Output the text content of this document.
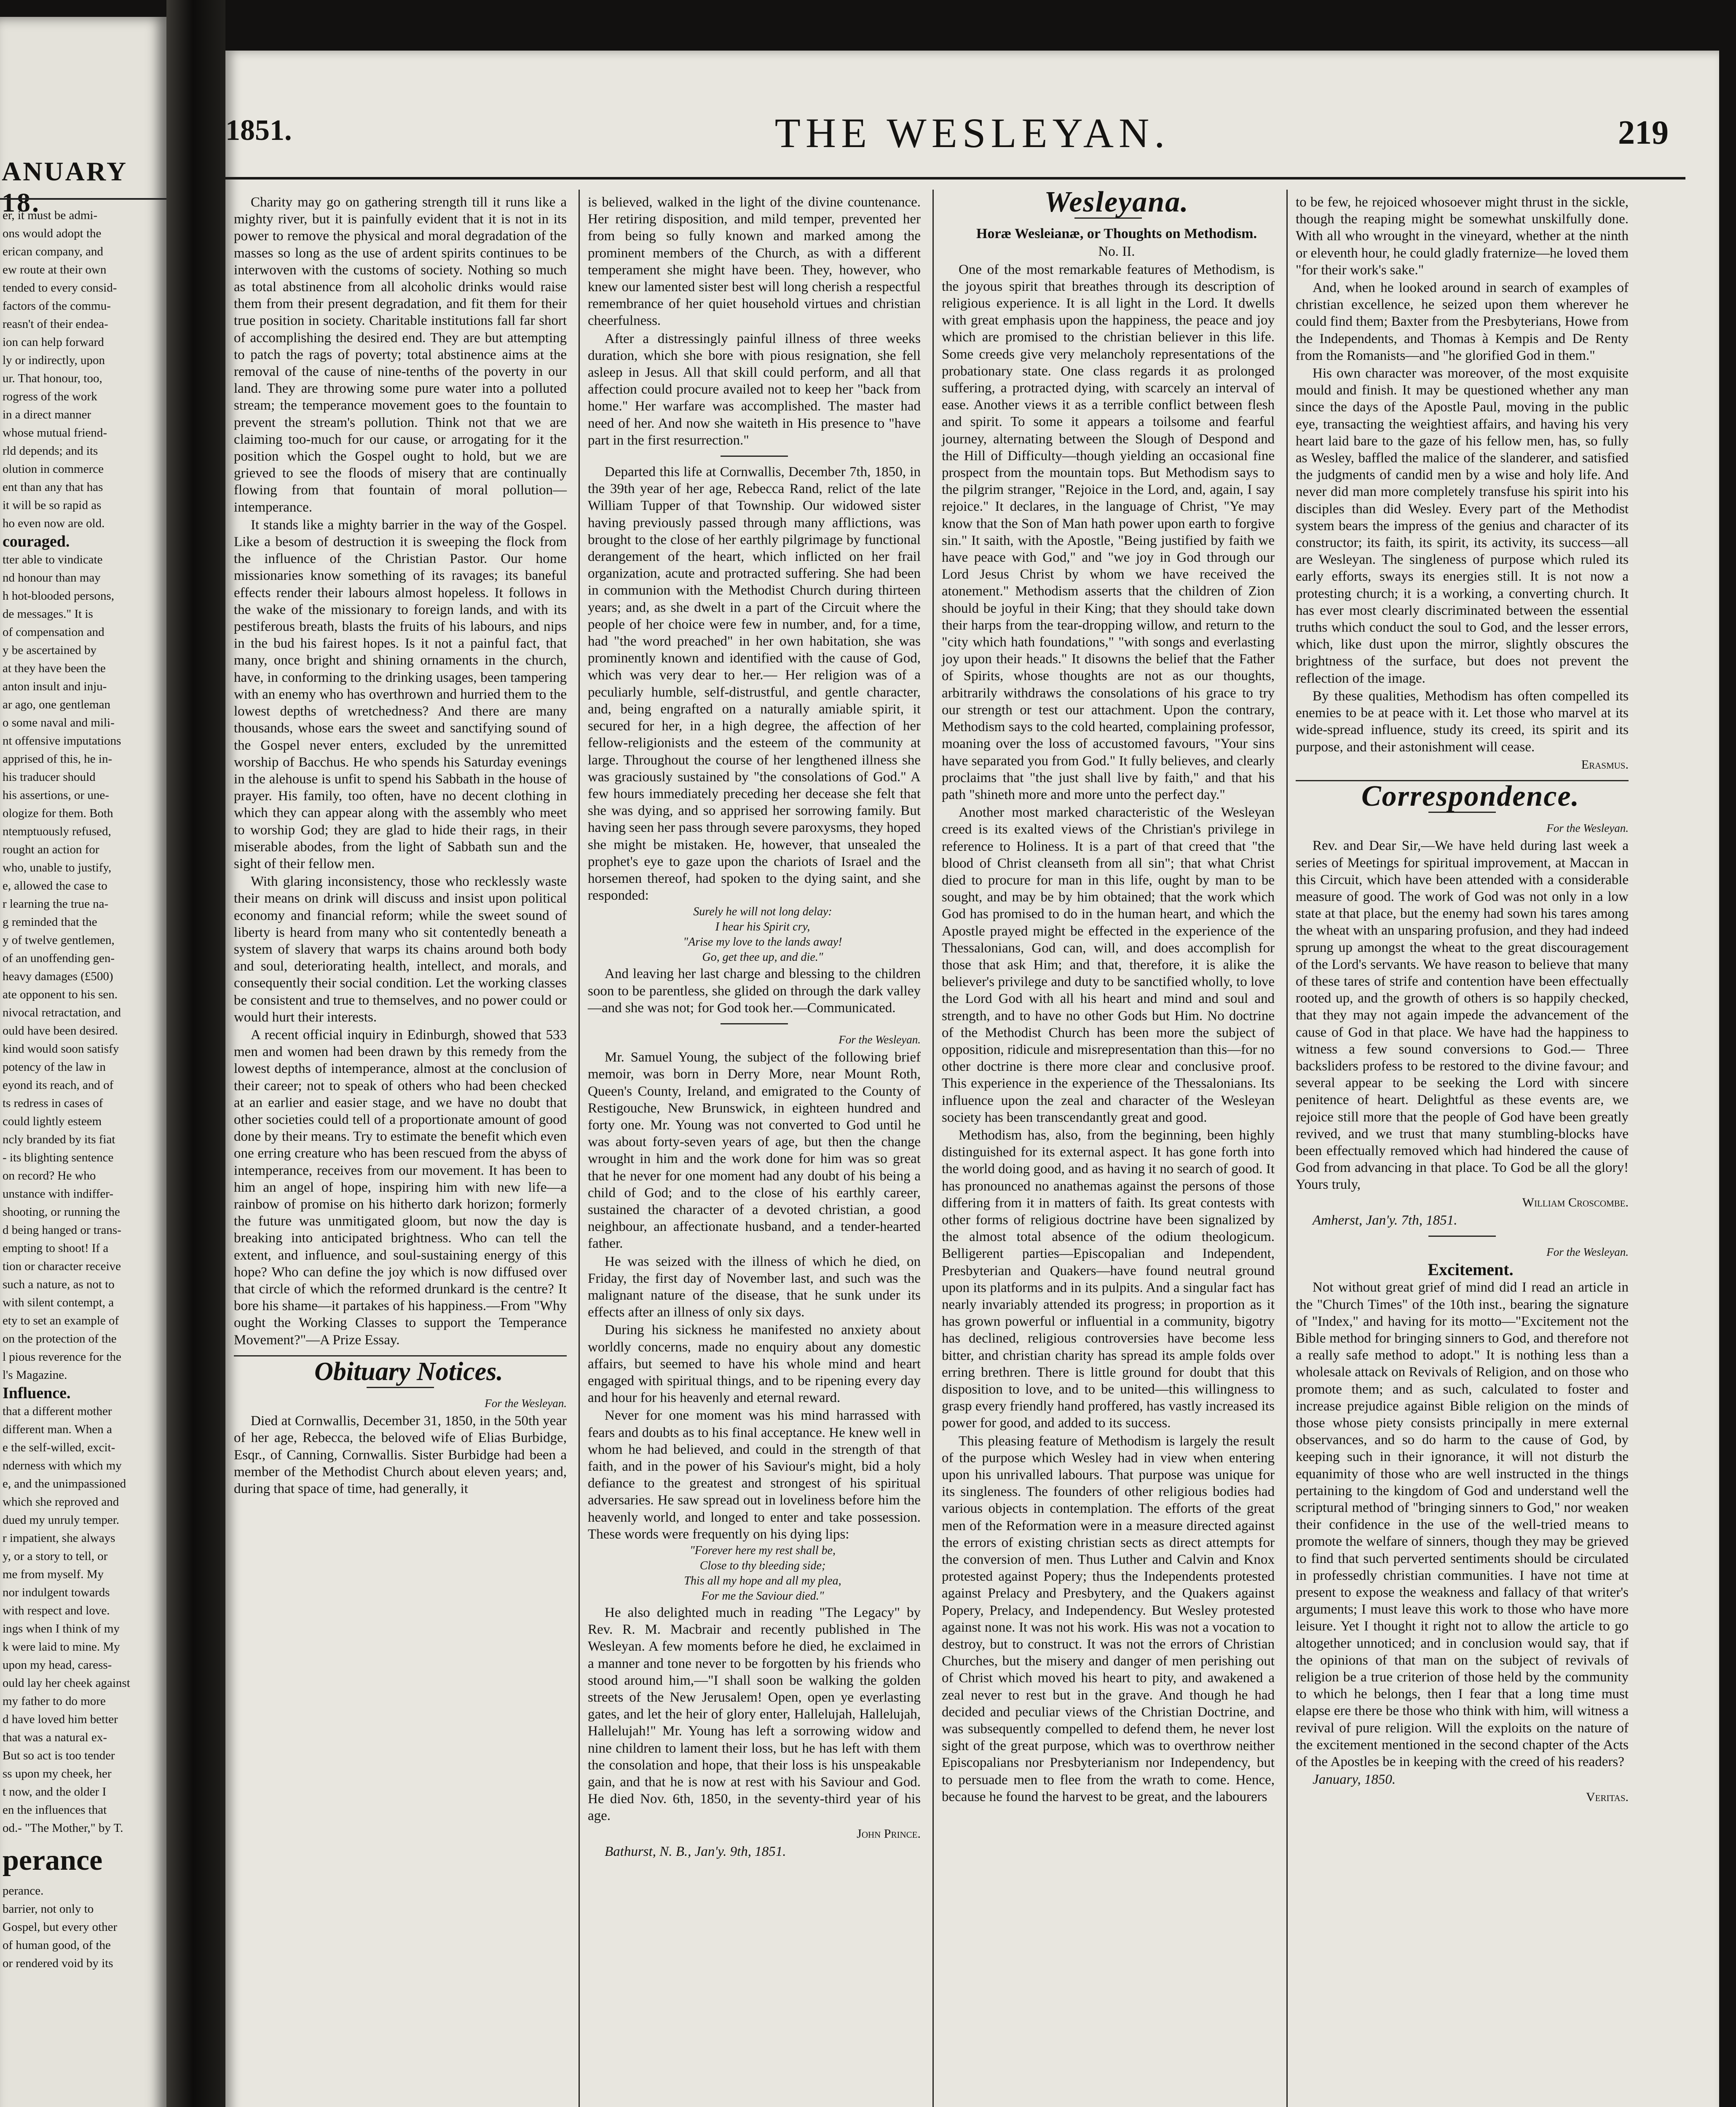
ANUARY 18.
er, it must be admi-
ons would adopt the
erican company, and
ew route at their own
tended to every consid-
factors of the commu-
reasn't of their endea-
ion can help forward
ly or indirectly, upon
ur. That honour, too,
rogress of the work
in a direct manner
whose mutual friend-
rld depends; and its
olution in commerce
ent than any that has
it will be so rapid as
ho even now are old.
couraged.
tter able to vindicate
nd honour than may
h hot-blooded persons,
de messages." It is
of compensation and
y be ascertained by
at they have been the
anton insult and inju-
ar ago, one gentleman
o some naval and mili-
nt offensive imputations
apprised of this, he in-
his traducer should
his assertions, or une-
ologize for them. Both
ntemptuously refused,
rought an action for
who, unable to justify,
e, allowed the case to
r learning the true na-
g reminded that the
y of twelve gentlemen,
of an unoffending gen-
heavy damages (£500)
ate opponent to his sen.
nivocal retractation, and
ould have been desired.
kind would soon satisfy
potency of the law in
eyond its reach, and of
ts redress in cases of
could lightly esteem
ncly branded by its fiat
- its blighting sentence
on record? He who
unstance with indiffer-
shooting, or running the
d being hanged or trans-
empting to shoot! If a
tion or character receive
such a nature, as not to
with silent contempt, a
ety to set an example of
on the protection of the
l pious reverence for the
l's Magazine.
Influence.
that a different mother
different man. When a
e the self-willed, excit-
nderness with which my
e, and the unimpassioned
which she reproved and
dued my unruly temper.
r impatient, she always
y, or a story to tell, or
me from myself. My
nor indulgent towards
with respect and love.
ings when I think of my
k were laid to mine. My
upon my head, caress-
ould lay her cheek against
my father to do more
d have loved him better
that was a natural ex-
But so act is too tender
ss upon my cheek, her
t now, and the older I
en the influences that
od.- "The Mother," by T.
perance
perance.
barrier, not only to
Gospel, but every other
of human good, of the
or rendered void by its
1851.	THE WESLEYAN.	219

Charity may go on gathering strength till it runs like a mighty river, but it is painfully evident that it is not in its power to remove the physical and moral degradation of the masses so long as the use of ardent spirits continues to be interwoven with the customs of society. Nothing so much as total abstinence from all alcoholic drinks would raise them from their present degradation, and fit them for their true position in society. Charitable institutions fall far short of accomplishing the desired end. They are but attempting to patch the rags of poverty; total abstinence aims at the removal of the cause of nine-tenths of the poverty in our land. They are throwing some pure water into a polluted stream; the temperance movement goes to the fountain to prevent the stream's pollution. Think not that we are claiming too-much for our cause, or arrogating for it the position which the Gospel ought to hold, but we are grieved to see the floods of misery that are continually flowing from that fountain of moral pollution—intemperance.

It stands like a mighty barrier in the way of the Gospel. Like a besom of destruction it is sweeping the flock from the influence of the Christian Pastor. Our home missionaries know something of its ravages; its baneful effects render their labours almost hopeless. It follows in the wake of the missionary to foreign lands, and with its pestiferous breath, blasts the fruits of his labours, and nips in the bud his fairest hopes. Is it not a painful fact, that many, once bright and shining ornaments in the church, have, in conforming to the drinking usages, been tampering with an enemy who has overthrown and hurried them to the lowest depths of wretchedness? And there are many thousands, whose ears the sweet and sanctifying sound of the Gospel never enters, excluded by the unremitted worship of Bacchus. He who spends his Saturday evenings in the alehouse is unfit to spend his Sabbath in the house of prayer. His family, too often, have no decent clothing in which they can appear along with the assembly who meet to worship God; they are glad to hide their rags, in their miserable abodes, from the light of Sabbath sun and the sight of their fellow men.

With glaring inconsistency, those who recklessly waste their means on drink will discuss and insist upon political economy and financial reform; while the sweet sound of liberty is heard from many who sit contentedly beneath a system of slavery that warps its chains around both body and soul, deteriorating health, intellect, and morals, and consequently their social condition. Let the working classes be consistent and true to themselves, and no power could or would hurt their interests.

A recent official inquiry in Edinburgh, showed that 533 men and women had been drawn by this remedy from the lowest depths of intemperance, almost at the conclusion of their career; not to speak of others who had been checked at an earlier and easier stage, and we have no doubt that other societies could tell of a proportionate amount of good done by their means. Try to estimate the benefit which even one erring creature who has been rescued from the abyss of intemperance, receives from our movement. It has been to him an angel of hope, inspiring him with new life—a rainbow of promise on his hitherto dark horizon; formerly the future was unmitigated gloom, but now the day is breaking into anticipated brightness. Who can tell the extent, and influence, and soul-sustaining energy of this hope? Who can define the joy which is now diffused over that circle of which the reformed drunkard is the centre? It bore his shame—it partakes of his happiness.—From "Why ought the Working Classes to support the Temperance Movement?"—A Prize Essay.

Obituary Notices.

For the Wesleyan.

Died at Cornwallis, December 31, 1850, in the 50th year of her age, Rebecca, the beloved wife of Elias Burbidge, Esqr., of Canning, Cornwallis. Sister Burbidge had been a member of the Methodist Church about eleven years; and, during that space of time, had generally, it

is believed, walked in the light of the divine countenance. Her retiring disposition, and mild temper, prevented her from being so fully known and marked among the prominent members of the Church, as with a different temperament she might have been. They, however, who knew our lamented sister best will long cherish a respectful remembrance of her quiet household virtues and christian cheerfulness.

After a distressingly painful illness of three weeks duration, which she bore with pious resignation, she fell asleep in Jesus. All that skill could perform, and all that affection could procure availed not to keep her "back from home." Her warfare was accomplished. The master had need of her. And now she waiteth in His presence to "have part in the first resurrection."

Departed this life at Cornwallis, December 7th, 1850, in the 39th year of her age, Rebecca Rand, relict of the late William Tupper of that Township. Our widowed sister having previously passed through many afflictions, was brought to the close of her earthly pilgrimage by functional derangement of the heart, which inflicted on her frail organization, acute and protracted suffering. She had been in communion with the Methodist Church during thirteen years; and, as she dwelt in a part of the Circuit where the people of her choice were few in number, and, for a time, had "the word preached" in her own habitation, she was prominently known and identified with the cause of God, which was very dear to her.— Her religion was of a peculiarly humble, self-distrustful, and gentle character, and, being engrafted on a naturally amiable spirit, it secured for her, in a high degree, the affection of her fellow-religionists and the esteem of the community at large. Throughout the course of her lengthened illness she was graciously sustained by "the consolations of God." A few hours immediately preceding her decease she felt that she was dying, and so apprised her sorrowing family. But having seen her pass through severe paroxysms, they hoped she might be mistaken. He, however, that unsealed the prophet's eye to gaze upon the chariots of Israel and the horsemen thereof, had spoken to the dying saint, and she responded:

Surely he will not long delay:

I hear his Spirit cry,

"Arise my love to the lands away!

Go, get thee up, and die."

And leaving her last charge and blessing to the children soon to be parentless, she glided on through the dark valley—and she was not; for God took her.—Communicated.

For the Wesleyan.

Mr. Samuel Young, the subject of the following brief memoir, was born in Derry More, near Mount Roth, Queen's County, Ireland, and emigrated to the County of Restigouche, New Brunswick, in eighteen hundred and forty one. Mr. Young was not converted to God until he was about forty-seven years of age, but then the change wrought in him and the work done for him was so great that he never for one moment had any doubt of his being a child of God; and to the close of his earthly career, sustained the character of a devoted christian, a good neighbour, an affectionate husband, and a tender-hearted father.

He was seized with the illness of which he died, on Friday, the first day of November last, and such was the malignant nature of the disease, that he sunk under its effects after an illness of only six days.

During his sickness he manifested no anxiety about worldly concerns, made no enquiry about any domestic affairs, but seemed to have his whole mind and heart engaged with spiritual things, and to be ripening every day and hour for his heavenly and eternal reward.

Never for one moment was his mind harrassed with fears and doubts as to his final acceptance. He knew well in whom he had believed, and could in the strength of that faith, and in the power of his Saviour's might, bid a holy defiance to the greatest and strongest of his spiritual adversaries. He saw spread out in loveliness before him the heavenly world, and longed to enter and take possession. These words were frequently on his dying lips:

"Forever here my rest shall be,

Close to thy bleeding side;

This all my hope and all my plea,

For me the Saviour died."

He also delighted much in reading "The Legacy" by Rev. R. M. Macbrair and recently published in The Wesleyan. A few moments before he died, he exclaimed in a manner and tone never to be forgotten by his friends who stood around him,—"I shall soon be walking the golden streets of the New Jerusalem! Open, open ye everlasting gates, and let the heir of glory enter, Hallelujah, Hallelujah, Hallelujah!" Mr. Young has left a sorrowing widow and nine children to lament their loss, but he has left with them the consolation and hope, that their loss is his unspeakable gain, and that he is now at rest with his Saviour and God. He died Nov. 6th, 1850, in the seventy-third year of his age.

John Prince.

Bathurst, N. B., Jan'y. 9th, 1851.

Wesleyana.

Horæ Wesleianæ, or Thoughts on Methodism.

No. II.

One of the most remarkable features of Methodism, is the joyous spirit that breathes through its description of religious experience. It is all light in the Lord. It dwells with great emphasis upon the happiness, the peace and joy which are promised to the christian believer in this life. Some creeds give very melancholy representations of the probationary state. One class regards it as prolonged suffering, a protracted dying, with scarcely an interval of ease. Another views it as a terrible conflict between flesh and spirit. To some it appears a toilsome and fearful journey, alternating between the Slough of Despond and the Hill of Difficulty—though yielding an occasional fine prospect from the mountain tops. But Methodism says to the pilgrim stranger, "Rejoice in the Lord, and, again, I say rejoice." It declares, in the language of Christ, "Ye may know that the Son of Man hath power upon earth to forgive sin." It saith, with the Apostle, "Being justified by faith we have peace with God," and "we joy in God through our Lord Jesus Christ by whom we have received the atonement." Methodism asserts that the children of Zion should be joyful in their King; that they should take down their harps from the tear-dropping willow, and return to the "city which hath foundations," "with songs and everlasting joy upon their heads." It disowns the belief that the Father of Spirits, whose thoughts are not as our thoughts, arbitrarily withdraws the consolations of his grace to try our strength or test our attachment. Upon the contrary, Methodism says to the cold hearted, complaining professor, moaning over the loss of accustomed favours, "Your sins have separated you from God." It fully believes, and clearly proclaims that "the just shall live by faith," and that his path "shineth more and more unto the perfect day."

Another most marked characteristic of the Wesleyan creed is its exalted views of the Christian's privilege in reference to Holiness. It is a part of that creed that "the blood of Christ cleanseth from all sin"; that what Christ died to procure for man in this life, ought by man to be sought, and may be by him obtained; that the work which God has promised to do in the human heart, and which the Apostle prayed might be effected in the experience of the Thessalonians, God can, will, and does accomplish for those that ask Him; and that, therefore, it is alike the believer's privilege and duty to be sanctified wholly, to love the Lord God with all his heart and mind and soul and strength, and to have no other Gods but Him. No doctrine of the Methodist Church has been more the subject of opposition, ridicule and misrepresentation than this—for no other doctrine is there more clear and conclusive proof. This experience in the experience of the Thessalonians. Its influence upon the zeal and character of the Wesleyan society has been transcendantly great and good.

Methodism has, also, from the beginning, been highly distinguished for its external aspect. It has gone forth into the world doing good, and as having it no search of good. It has pronounced no anathemas against the persons of those differing from it in matters of faith. Its great contests with other forms of religious doctrine have been signalized by the almost total absence of the odium theologicum. Belligerent parties—Episcopalian and Independent, Presbyterian and Quakers—have found neutral ground upon its platforms and in its pulpits. And a singular fact has nearly invariably attended its progress; in proportion as it has grown powerful or influential in a community, bigotry has declined, religious controversies have become less bitter, and christian charity has spread its ample folds over erring brethren. There is little ground for doubt that this disposition to love, and to be united—this willingness to grasp every friendly hand proffered, has vastly increased its power for good, and added to its success.

This pleasing feature of Methodism is largely the result of the purpose which Wesley had in view when entering upon his unrivalled labours. That purpose was unique for its singleness. The founders of other religious bodies had various objects in contemplation. The efforts of the great men of the Reformation were in a measure directed against the errors of existing christian sects as direct attempts for the conversion of men. Thus Luther and Calvin and Knox protested against Popery; thus the Independents protested against Prelacy and Presbytery, and the Quakers against Popery, Prelacy, and Independency. But Wesley protested against none. It was not his work. His was not a vocation to destroy, but to construct. It was not the errors of Christian Churches, but the misery and danger of men perishing out of Christ which moved his heart to pity, and awakened a zeal never to rest but in the grave. And though he had decided and peculiar views of the Christian Doctrine, and was subsequently compelled to defend them, he never lost sight of the great purpose, which was to overthrow neither Episcopalians nor Presbyterianism nor Independency, but to persuade men to flee from the wrath to come. Hence, because he found the harvest to be great, and the labourers

to be few, he rejoiced whosoever might thrust in the sickle, though the reaping might be somewhat unskilfully done. With all who wrought in the vineyard, whether at the ninth or eleventh hour, he could gladly fraternize—he loved them "for their work's sake."

And, when he looked around in search of examples of christian excellence, he seized upon them wherever he could find them; Baxter from the Presbyterians, Howe from the Independents, and Thomas à Kempis and De Renty from the Romanists—and "he glorified God in them."

His own character was moreover, of the most exquisite mould and finish. It may be questioned whether any man since the days of the Apostle Paul, moving in the public eye, transacting the weightiest affairs, and having his very heart laid bare to the gaze of his fellow men, has, so fully as Wesley, baffled the malice of the slanderer, and satisfied the judgments of candid men by a wise and holy life. And never did man more completely transfuse his spirit into his disciples than did Wesley. Every part of the Methodist system bears the impress of the genius and character of its constructor; its faith, its spirit, its activity, its success—all are Wesleyan. The singleness of purpose which ruled its early efforts, sways its energies still. It is not now a protesting church; it is a working, a converting church. It has ever most clearly discriminated between the essential truths which conduct the soul to God, and the lesser errors, which, like dust upon the mirror, slightly obscures the brightness of the surface, but does not prevent the reflection of the image.

By these qualities, Methodism has often compelled its enemies to be at peace with it. Let those who marvel at its wide-spread influence, study its creed, its spirit and its purpose, and their astonishment will cease.

Erasmus.

Correspondence.

For the Wesleyan.

Rev. and Dear Sir,—We have held during last week a series of Meetings for spiritual improvement, at Maccan in this Circuit, which have been attended with a considerable measure of good. The work of God was not only in a low state at that place, but the enemy had sown his tares among the wheat with an unsparing profusion, and they had indeed sprung up amongst the wheat to the great discouragement of the Lord's servants. We have reason to believe that many of these tares of strife and contention have been effectually rooted up, and the growth of others is so happily checked, that they may not again impede the advancement of the cause of God in that place. We have had the happiness to witness a few sound conversions to God.— Three backsliders profess to be restored to the divine favour; and several appear to be seeking the Lord with sincere penitence of heart. Delightful as these events are, we rejoice still more that the people of God have been greatly revived, and we trust that many stumbling-blocks have been effectually removed which had hindered the cause of God from advancing in that place. To God be all the glory! Yours truly,

William Croscombe.

Amherst, Jan'y. 7th, 1851.

For the Wesleyan.

Excitement.

Not without great grief of mind did I read an article in the "Church Times" of the 10th inst., bearing the signature of "Index," and having for its motto—"Excitement not the Bible method for bringing sinners to God, and therefore not a really safe method to adopt." It is nothing less than a wholesale attack on Revivals of Religion, and on those who promote them; and as such, calculated to foster and increase prejudice against Bible religion on the minds of those whose piety consists principally in mere external observances, and so do harm to the cause of God, by keeping such in their ignorance, it will not disturb the equanimity of those who are well instructed in the things pertaining to the kingdom of God and understand well the scriptural method of "bringing sinners to God," nor weaken their confidence in the use of the well-tried means to promote the welfare of sinners, though they may be grieved to find that such perverted sentiments should be circulated in professedly christian communities. I have not time at present to expose the weakness and fallacy of that writer's arguments; I must leave this work to those who have more leisure. Yet I thought it right not to allow the article to go altogether unnoticed; and in conclusion would say, that if the opinions of that man on the subject of revivals of religion be a true criterion of those held by the community to which he belongs, then I fear that a long time must elapse ere there be those who think with him, will witness a revival of pure religion. Will the exploits on the nature of the excitement mentioned in the second chapter of the Acts of the Apostles be in keeping with the creed of his readers?

January, 1850.

Veritas.
